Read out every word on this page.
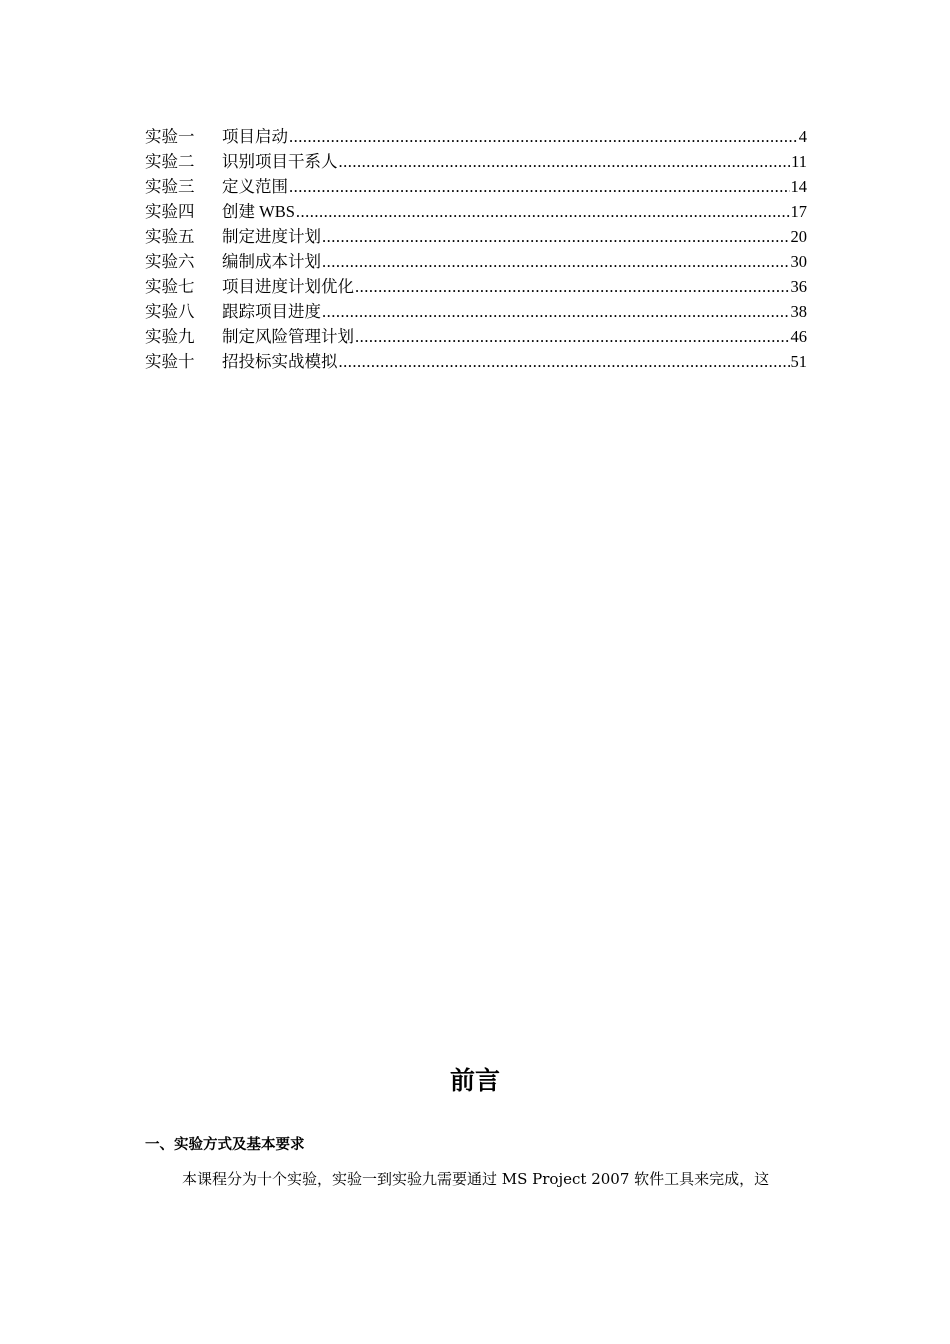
实验一	项目启动 .....	4
实验二	识别项目干系人 .....	11
实验三	定义范围 .....	14
实验四	创建 WBS .....	17
实验五	制定进度计划 .....	20
实验六	编制成本计划 .....	30
实验七	项目进度计划优化 .....	36
实验八	跟踪项目进度 .....	38
实验九	制定风险管理计划 .....	46
实验十	招投标实战模拟 .....	51
前言
一、实验方式及基本要求
本课程分为十个实验，实验一到实验九需要通过 MS Project 2007 软件工具来完成，这
